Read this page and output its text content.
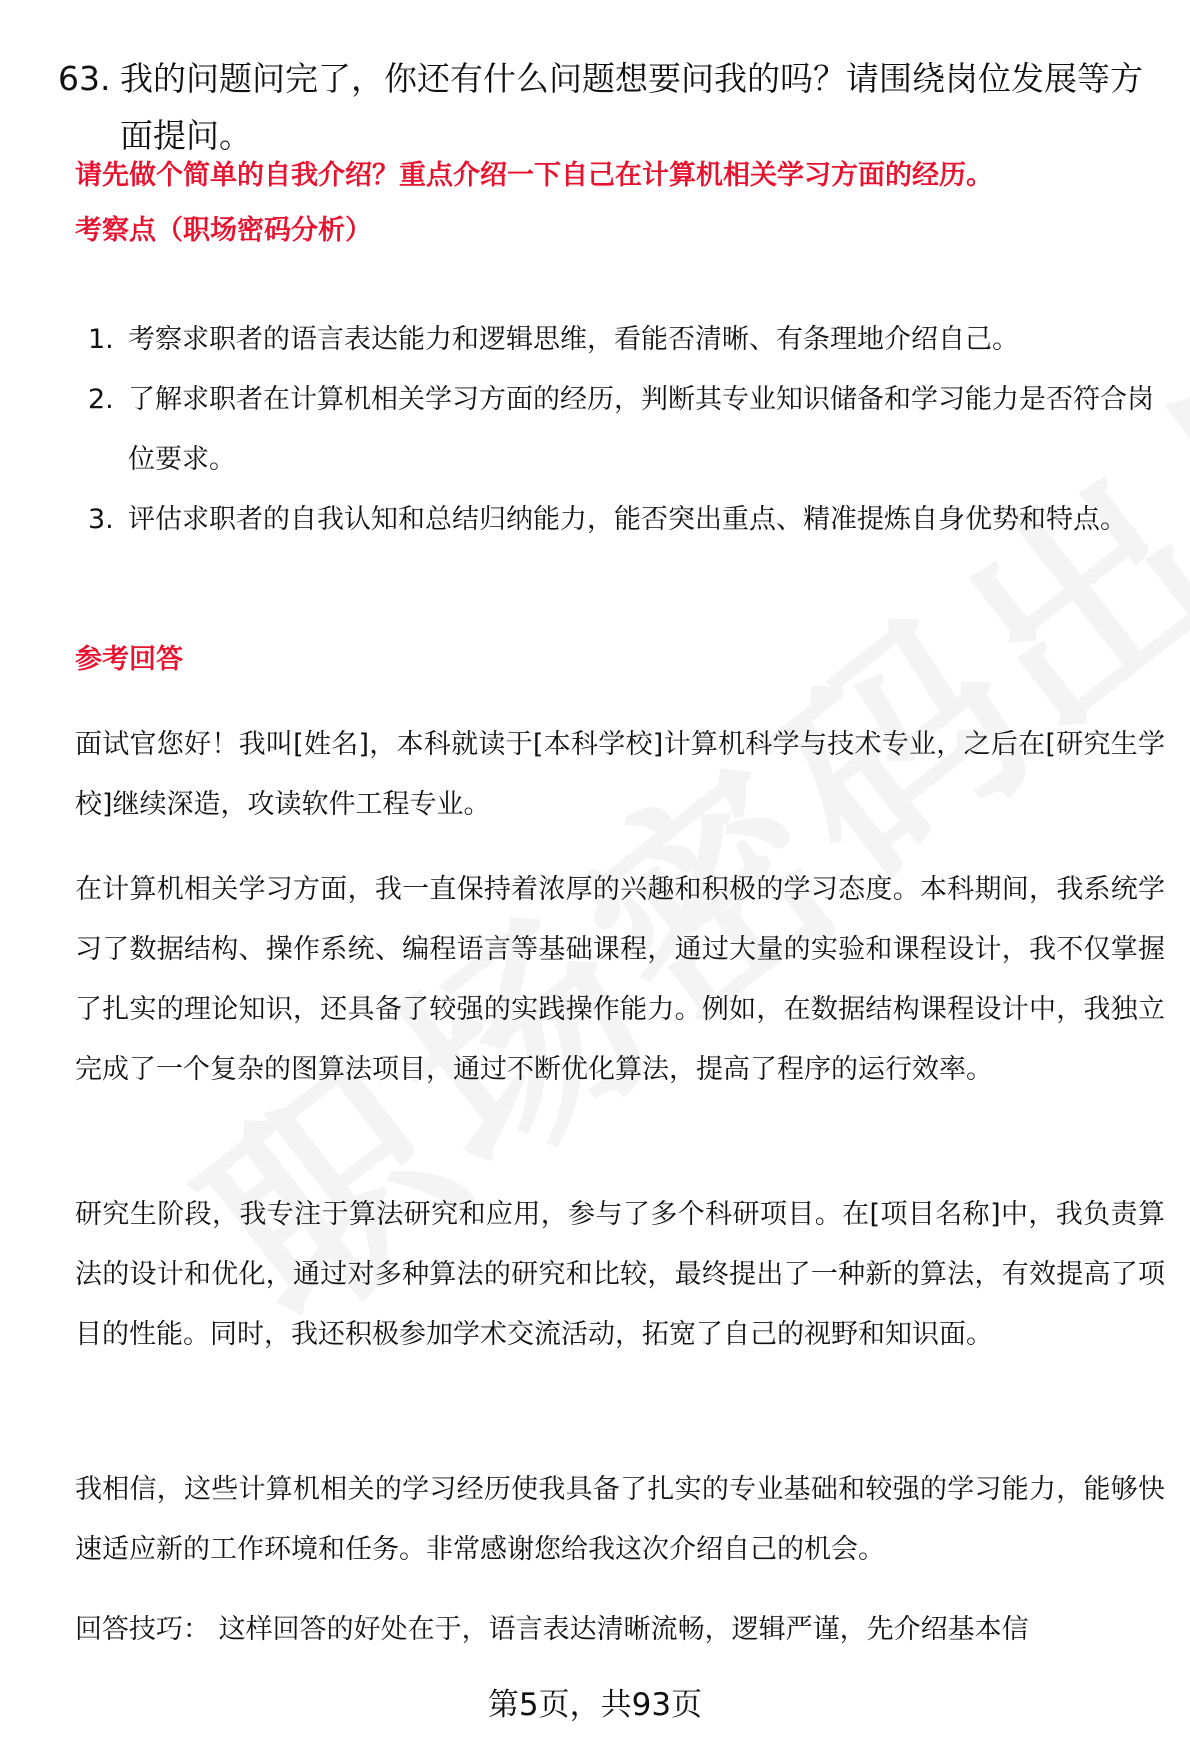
63. 我的问题问完了，你还有什么问题想要问我的吗？请围绕岗位发展等方面提问。
请先做个简单的自我介绍？重点介绍一下自己在计算机相关学习方面的经历。
考察点（职场密码分析）
1. 考察求职者的语言表达能力和逻辑思维，看能否清晰、有条理地介绍自己。
2. 了解求职者在计算机相关学习方面的经历，判断其专业知识储备和学习能力是否符合岗位要求。
3. 评估求职者的自我认知和总结归纳能力，能否突出重点、精准提炼自身优势和特点。
参考回答
面试官您好！我叫[姓名]，本科就读于[本科学校]计算机科学与技术专业，之后在[研究生学校]继续深造，攻读软件工程专业。
在计算机相关学习方面，我一直保持着浓厚的兴趣和积极的学习态度。本科期间，我系统学习了数据结构、操作系统、编程语言等基础课程，通过大量的实验和课程设计，我不仅掌握了扎实的理论知识，还具备了较强的实践操作能力。例如，在数据结构课程设计中，我独立完成了一个复杂的图算法项目，通过不断优化算法，提高了程序的运行效率。
研究生阶段，我专注于算法研究和应用，参与了多个科研项目。在[项目名称]中，我负责算法的设计和优化，通过对多种算法的研究和比较，最终提出了一种新的算法，有效提高了项目的性能。同时，我还积极参加学术交流活动，拓宽了自己的视野和知识面。
我相信，这些计算机相关的学习经历使我具备了扎实的专业基础和较强的学习能力，能够快速适应新的工作环境和任务。非常感谢您给我这次介绍自己的机会。
回答技巧： 这样回答的好处在于，语言表达清晰流畅，逻辑严谨，先介绍基本信
第5页，共93页
